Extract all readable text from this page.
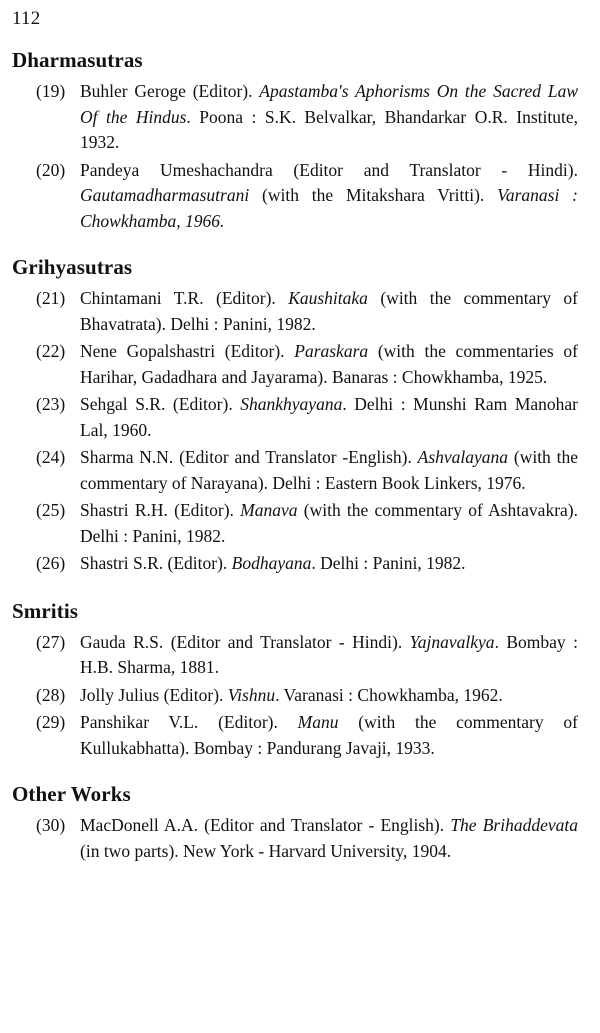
112
Dharmasutras
(19) Buhler Geroge (Editor). Apastamba's Aphorisms On the Sacred Law Of the Hindus. Poona : S.K. Belvalkar, Bhandarkar O.R. Institute, 1932.
(20) Pandeya Umeshachandra (Editor and Translator - Hindi). Gautamadharmasutrani (with the Mitakshara Vritti). Varanasi : Chowkhamba, 1966.
Grihyasutras
(21) Chintamani T.R. (Editor). Kaushitaka (with the commentary of Bhavatrata). Delhi : Panini, 1982.
(22) Nene Gopalshastri (Editor). Paraskara (with the commentaries of Harihar, Gadadhara and Jayarama). Banaras : Chowkhamba, 1925.
(23) Sehgal S.R. (Editor). Shankhyayana. Delhi : Munshi Ram Manohar Lal, 1960.
(24) Sharma N.N. (Editor and Translator -English). Ashvalayana (with the commentary of Narayana). Delhi : Eastern Book Linkers, 1976.
(25) Shastri R.H. (Editor). Manava (with the commentary of Ashtavakra). Delhi : Panini, 1982.
(26) Shastri S.R. (Editor). Bodhayana. Delhi : Panini, 1982.
Smritis
(27) Gauda R.S. (Editor and Translator - Hindi). Yajnavalkya. Bombay : H.B. Sharma, 1881.
(28) Jolly Julius (Editor). Vishnu. Varanasi : Chowkhamba, 1962.
(29) Panshikar V.L. (Editor). Manu (with the commentary of Kullukabhatta). Bombay : Pandurang Javaji, 1933.
Other Works
(30) MacDonell A.A. (Editor and Translator - English). The Brihaddevata (in two parts). New York - Harvard University, 1904.
